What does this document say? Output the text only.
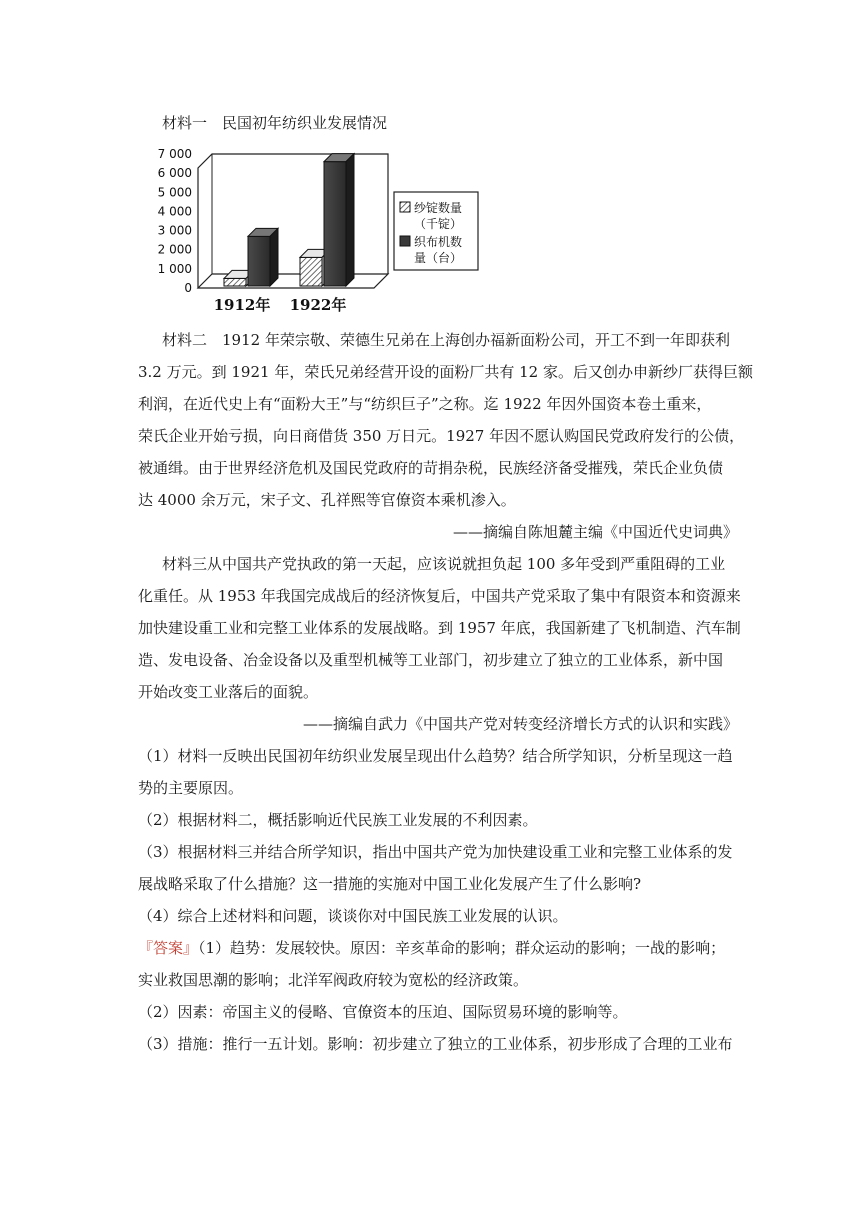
材料一　民国初年纺织业发展情况
7 000
6 000
5 000
4 000
3 000
2 000
1 000
0
1912年 1922年
纱锭数量
（千锭）
织布机数
量（台）
材料二　1912 年荣宗敬、荣德生兄弟在上海创办福新面粉公司，开工不到一年即获利
3.2 万元。到 1921 年，荣氏兄弟经营开设的面粉厂共有 12 家。后又创办申新纱厂获得巨额
利润，在近代史上有“面粉大王”与“纺织巨子”之称。迄 1922 年因外国资本卷土重来，
荣氏企业开始亏损，向日商借货 350 万日元。1927 年因不愿认购国民党政府发行的公债，
被通缉。由于世界经济危机及国民党政府的苛捐杂税，民族经济备受摧残，荣氏企业负债
达 4000 余万元，宋子文、孔祥熙等官僚资本乘机渗入。
——摘编自陈旭麓主编《中国近代史词典》
材料三从中国共产党执政的第一天起，应该说就担负起 100 多年受到严重阻碍的工业
化重任。从 1953 年我国完成战后的经济恢复后，中国共产党采取了集中有限资本和资源来
加快建设重工业和完整工业体系的发展战略。到 1957 年底，我国新建了飞机制造、汽车制
造、发电设备、冶金设备以及重型机械等工业部门，初步建立了独立的工业体系，新中国
开始改变工业落后的面貌。
——摘编自武力《中国共产党对转变经济增长方式的认识和实践》
（1）材料一反映出民国初年纺织业发展呈现出什么趋势？结合所学知识，分析呈现这一趋
势的主要原因。
（2）根据材料二，概括影响近代民族工业发展的不利因素。
（3）根据材料三并结合所学知识，指出中国共产党为加快建设重工业和完整工业体系的发
展战略采取了什么措施？这一措施的实施对中国工业化发展产生了什么影响?
（4）综合上述材料和问题，谈谈你对中国民族工业发展的认识。
『答案』（1）趋势：发展较快。原因：辛亥革命的影响；群众运动的影响；一战的影响；
实业救国思潮的影响；北洋军阀政府较为宽松的经济政策。
（2）因素：帝国主义的侵略、官僚资本的压迫、国际贸易环境的影响等。
（3）措施：推行一五计划。影响：初步建立了独立的工业体系，初步形成了合理的工业布
